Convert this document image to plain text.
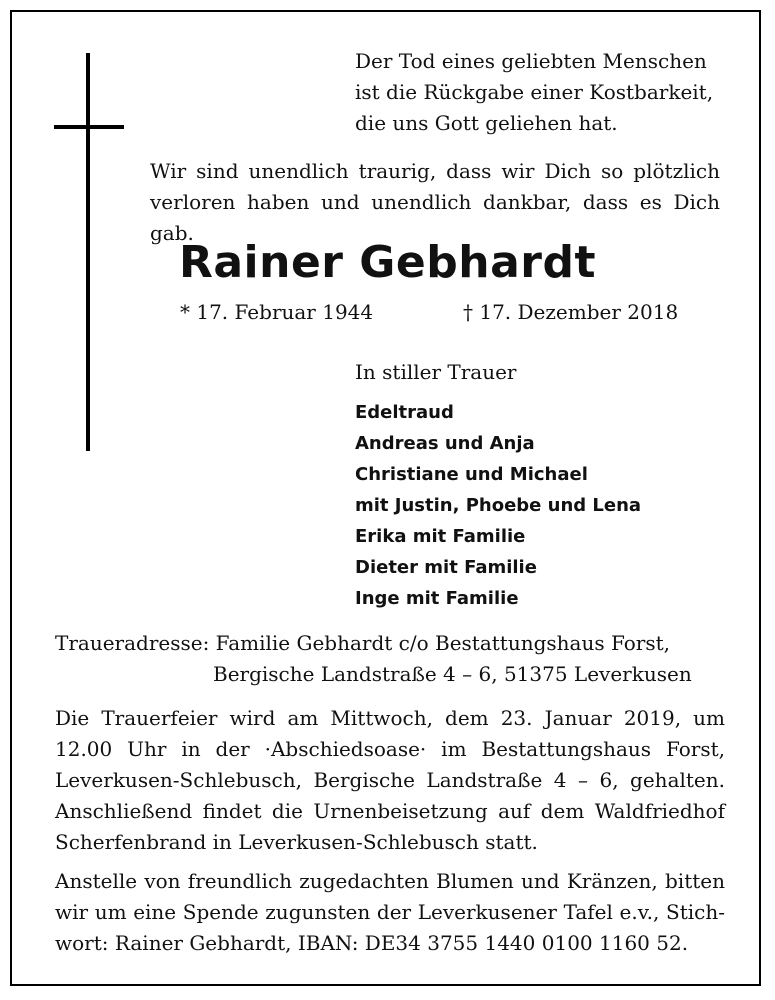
Der Tod eines geliebten Menschen
ist die Rückgabe einer Kostbarkeit,
die uns Gott geliehen hat.
Wir sind unendlich traurig, dass wir Dich so plötzlich
verloren haben und unendlich dankbar, dass es Dich gab.
Rainer Gebhardt
* 17. Februar 1944	† 17. Dezember 2018
In stiller Trauer
Edeltraud
Andreas und Anja
Christiane und Michael
mit Justin, Phoebe und Lena
Erika mit Familie
Dieter mit Familie
Inge mit Familie
Traueradresse: Familie Gebhardt c/o Bestattungshaus Forst,
Bergische Landstraße 4 – 6, 51375 Leverkusen
Die Trauerfeier wird am Mittwoch, dem 23. Januar 2019, um
12.00 Uhr in der ·Abschiedsoase· im Bestattungshaus Forst,
Leverkusen-Schlebusch, Bergische Landstraße 4 – 6, gehalten.
Anschließend findet die Urnenbeisetzung auf dem Waldfriedhof
Scherfenbrand in Leverkusen-Schlebusch statt.
Anstelle von freundlich zugedachten Blumen und Kränzen, bitten
wir um eine Spende zugunsten der Leverkusener Tafel e.v., Stich-
wort: Rainer Gebhardt, IBAN: DE34 3755 1440 0100 1160 52.
